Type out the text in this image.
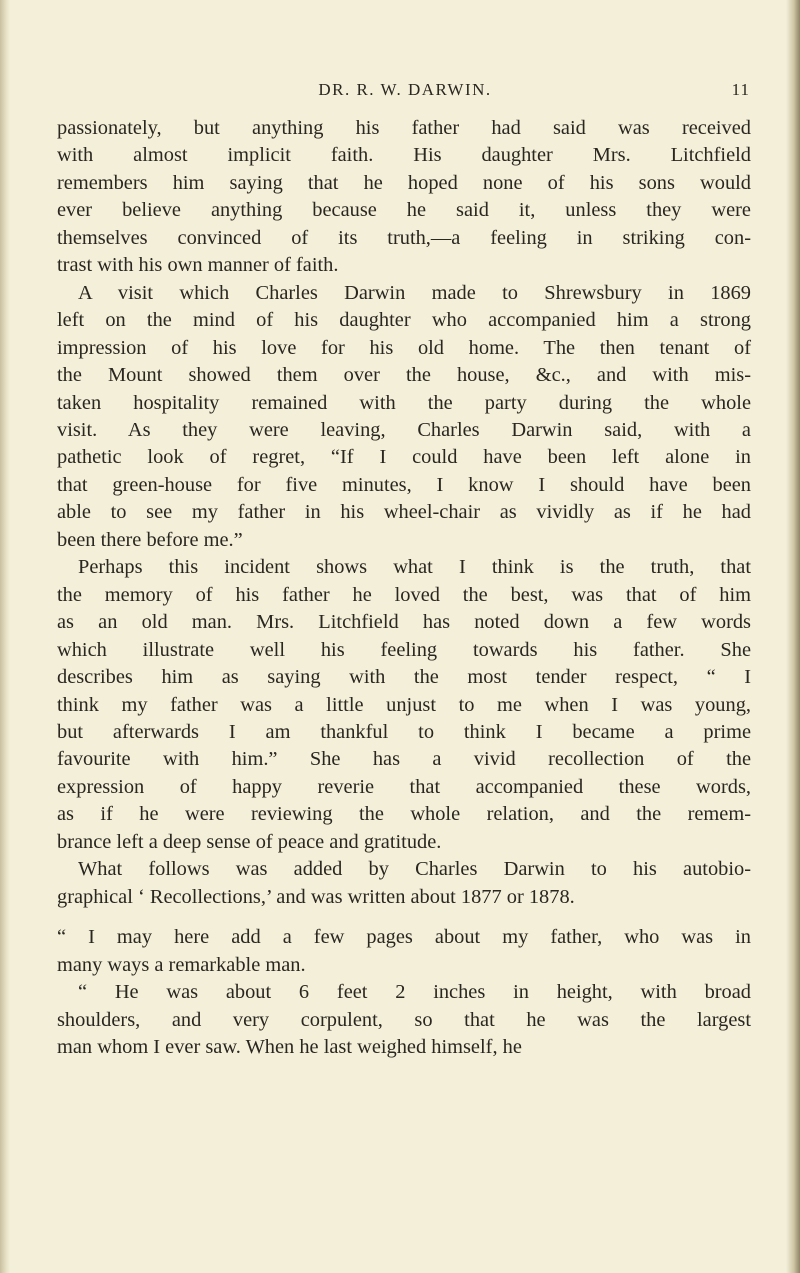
DR. R. W. DARWIN.	11
passionately, but anything his father had said was received
with almost implicit faith. His daughter Mrs. Litchfield
remembers him saying that he hoped none of his sons would
ever believe anything because he said it, unless they were
themselves convinced of its truth,—a feeling in striking con-
trast with his own manner of faith.
A visit which Charles Darwin made to Shrewsbury in 1869
left on the mind of his daughter who accompanied him a strong
impression of his love for his old home. The then tenant of
the Mount showed them over the house, &c., and with mis-
taken hospitality remained with the party during the whole
visit. As they were leaving, Charles Darwin said, with a
pathetic look of regret, “If I could have been left alone in
that green-house for five minutes, I know I should have been
able to see my father in his wheel-chair as vividly as if he had
been there before me.”
Perhaps this incident shows what I think is the truth, that
the memory of his father he loved the best, was that of him
as an old man. Mrs. Litchfield has noted down a few words
which illustrate well his feeling towards his father. She
describes him as saying with the most tender respect, “ I
think my father was a little unjust to me when I was young,
but afterwards I am thankful to think I became a prime
favourite with him.” She has a vivid recollection of the
expression of happy reverie that accompanied these words,
as if he were reviewing the whole relation, and the remem-
brance left a deep sense of peace and gratitude.
What follows was added by Charles Darwin to his autobio-
graphical ‘ Recollections,’ and was written about 1877 or 1878.
“ I may here add a few pages about my father, who was in
many ways a remarkable man.
“ He was about 6 feet 2 inches in height, with broad
shoulders, and very corpulent, so that he was the largest
man whom I ever saw. When he last weighed himself, he
